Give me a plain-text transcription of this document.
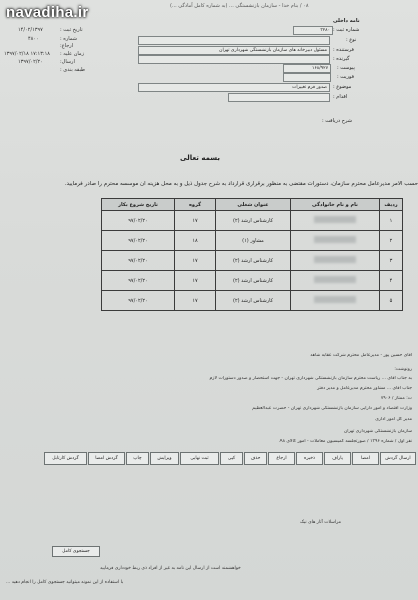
navadiha.ir	۰۸ / بنام خدا - سازمان بازنشستگی ... (به شماره کامل آمادگی ...)
تاریخ ثبت :
۱۴/۰۲/۱۳۹۷
شماره :
۴۸۰۰
ارجاع:
زمان علیه :
۱۷:۱۳:۱۸ ۱۳۹۷/۰۲/۱۸
ارسال:
۱۳۹۷/۰۲/۲۰
طبقه بندی :
نامه داخلی
شماره ثبت :
۳۲۸۰
نوع :
فرستنده :
مسئول دبیرخانه های سازمان بازنشستگی شهرداری تهران
گیرنده :
پیوست :
۱۶۸/۹۲۷
فوریت :
موضوع :
صدور فرم تغییرات
اقدام :
شرح دریافت :
بسمه تعالی
حسب الامر مدیرعامل محترم سازمان، دستورات مقتضی به منظور برقراری قرارداد به شرح جدول ذیل و به محل هزینه آن موسسه محترم را صادر فرمایید.
ردیف	نام و نام خانوادگی	عنوان شغلی	گروه	تاریخ شروع بکار
۱		کارشناس ارشد (۲)	۱۷	۹۷/۰۲/۲۰
۲		مشاور (۱)	۱۸	۹۷/۰۲/۲۰
۳		کارشناس ارشد (۲)	۱۷	۹۷/۰۲/۲۰
۴		کارشناس ارشد (۲)	۱۷	۹۷/۰۲/۲۰
۵		کارشناس ارشد (۲)	۱۷	۹۷/۰۲/۲۰
آقای حسین پور - مدیرعامل محترم شرکت عقابه شاهد
رونوشت:
به جناب آقای ... ریاست محترم سازمان بازنشستگی شهرداری تهران - جهت استحضار و صدور دستورات لازم
جناب آقای ... مشاور محترم مدیرعامل و مدیر دفتر
ت: ممتاز / ۷۹۰۶
وزارت اقتصاد و امور دارایی سازمان بازنشستگی شهرداری تهران - حضرت عبدالعظیم
مدیر کل امور اداری
سازمان بازنشستگی شهرداری تهران
نفر اول / شماره ۱۳۹۶ / صورتجلسه کمیسیون معاملات - امور کالای A۸
ارسال گردش
امضا
پاراف
ذخیره
ارجاع
حذف
کپی
ثبت نهایی
ویرایش
چاپ
گردش امضا
گردش کارتابل
مراسلات آثار های نیک
جستجوی کامل
خواهشمند است از ارسال این نامه به غیر از افراد ذی ربط خودداری فرمایید
با استفاده از این نمونه میتوانید جستجوی کامل را انجام دهید ...
